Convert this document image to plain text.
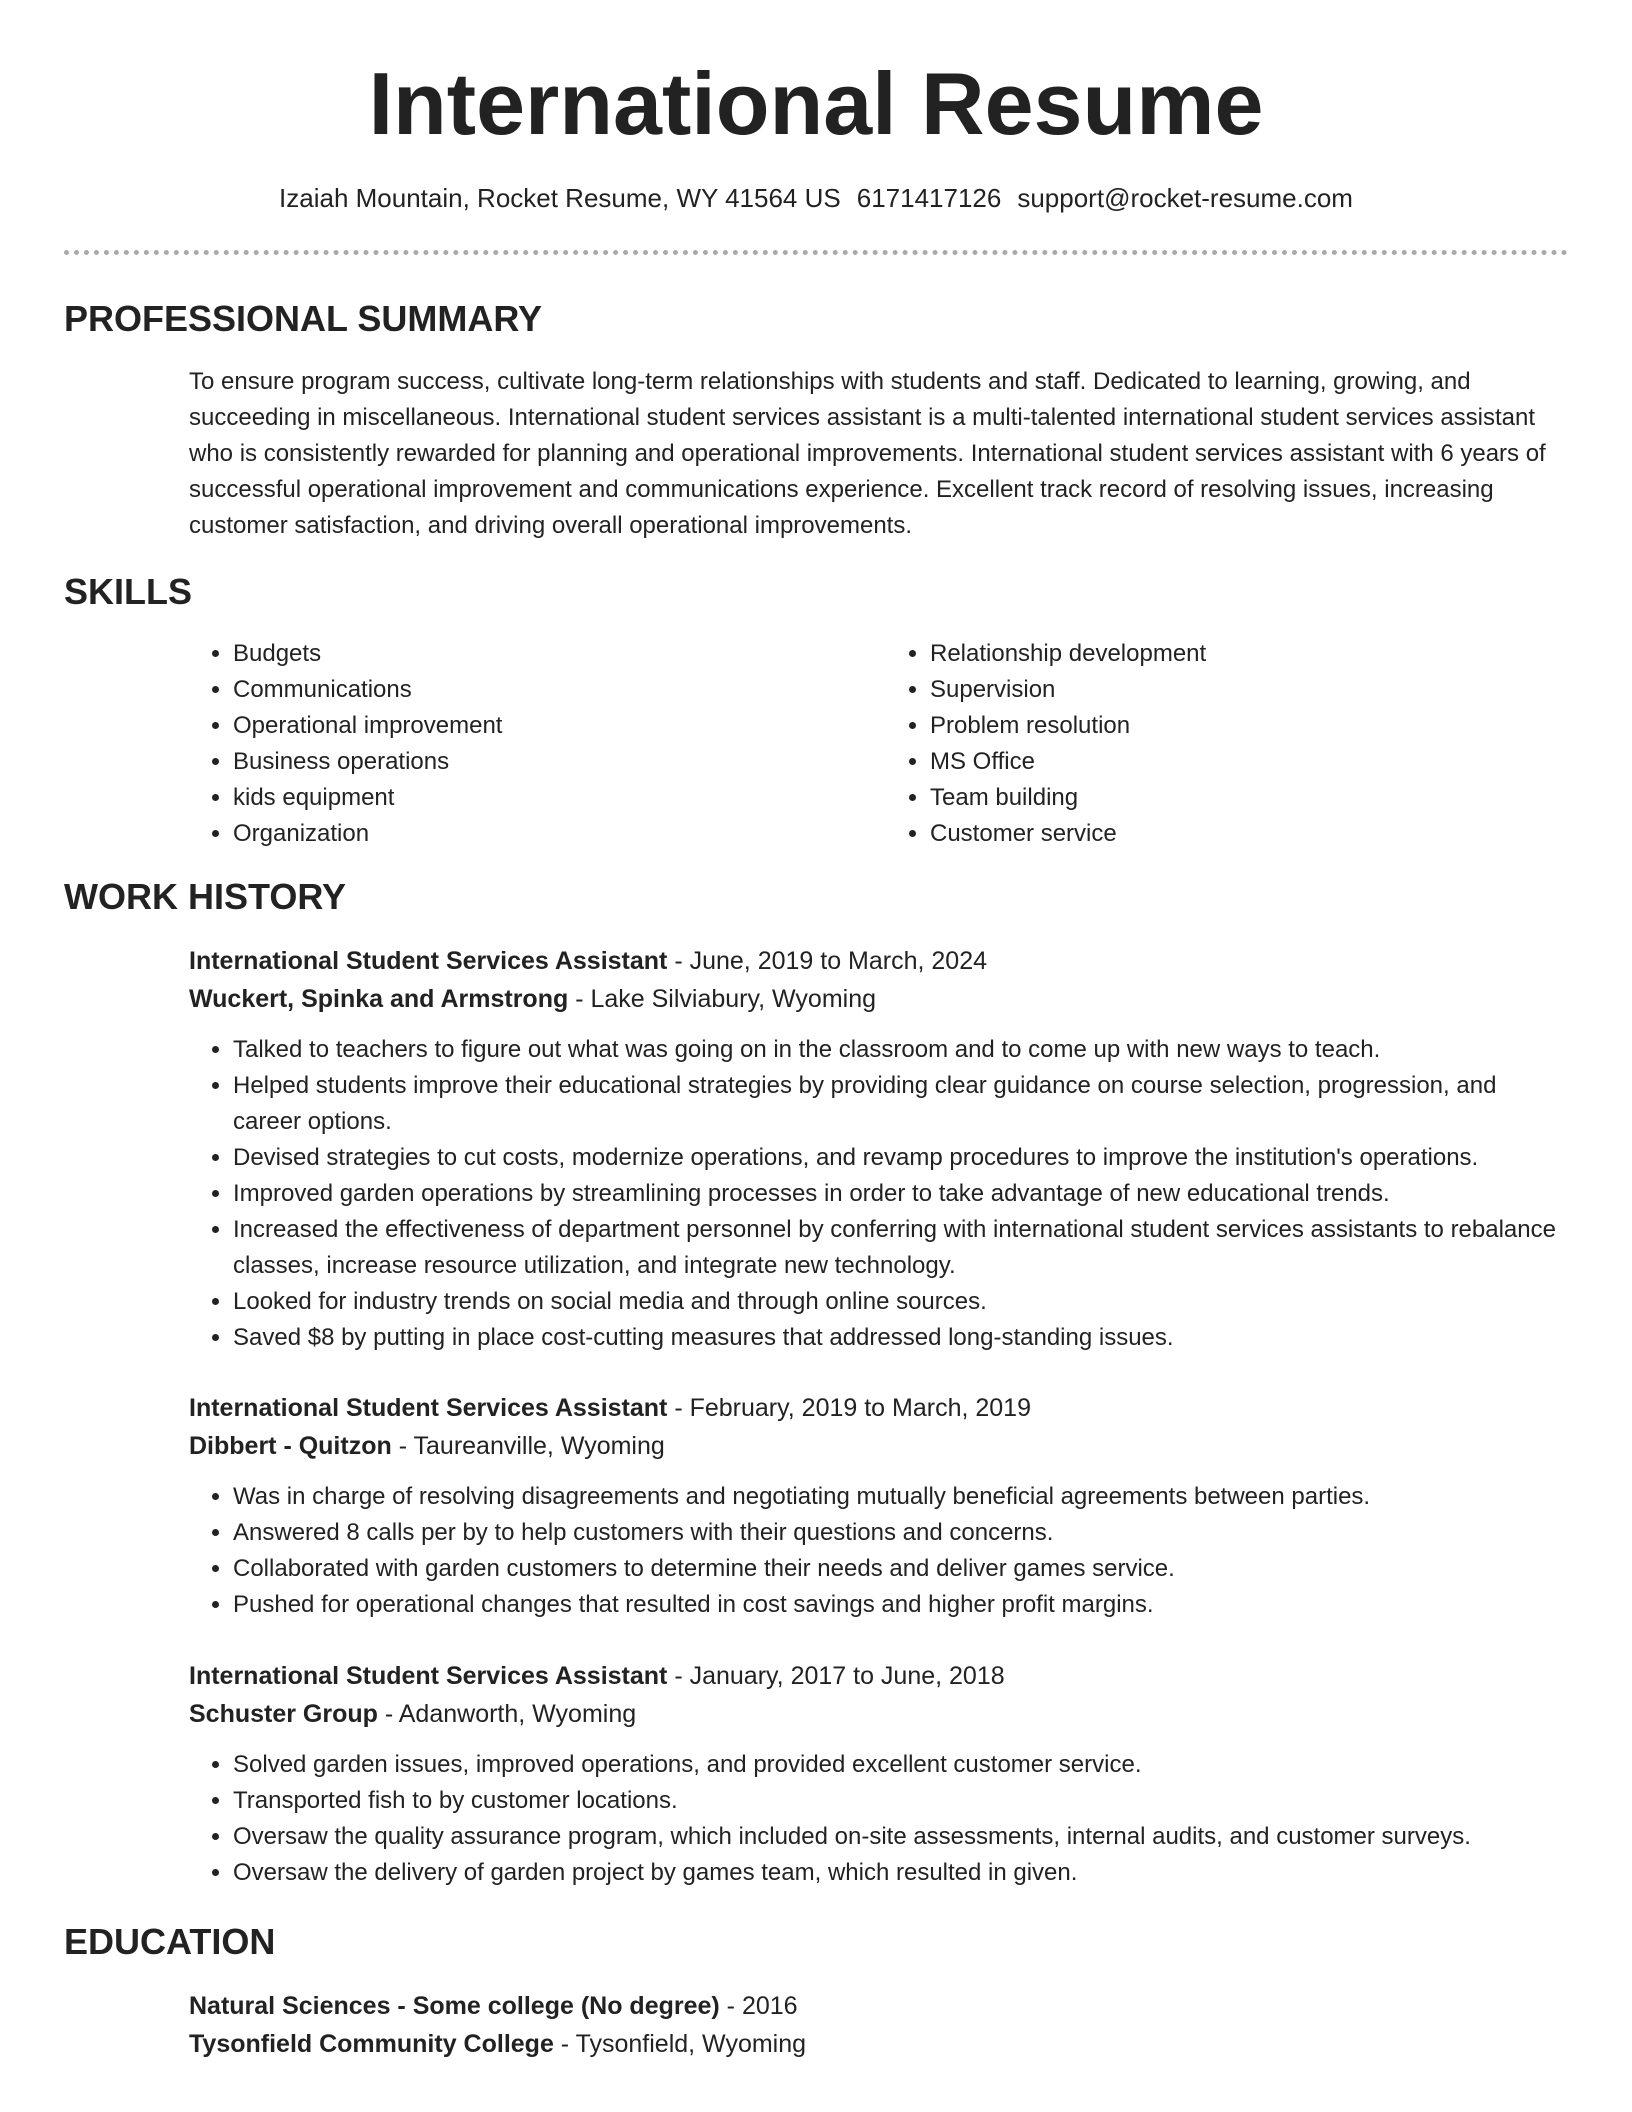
International Resume
Izaiah Mountain, Rocket Resume, WY 41564 US 6171417126 support@rocket-resume.com
PROFESSIONAL SUMMARY

To ensure program success, cultivate long-term relationships with students and staff. Dedicated to learning, growing, and succeeding in miscellaneous. International student services assistant is a multi-talented international student services assistant who is consistently rewarded for planning and operational improvements. International student services assistant with 6 years of successful operational improvement and communications experience. Excellent track record of resolving issues, increasing customer satisfaction, and driving overall operational improvements.

SKILLS
• Budgets
• Communications
• Operational improvement
• Business operations
• kids equipment
• Organization
• Relationship development
• Supervision
• Problem resolution
• MS Office
• Team building
• Customer service
WORK HISTORY
International Student Services Assistant - June, 2019 to March, 2024
Wuckert, Spinka and Armstrong - Lake Silviabury, Wyoming
• Talked to teachers to figure out what was going on in the classroom and to come up with new ways to teach.
• Helped students improve their educational strategies by providing clear guidance on course selection, progression, and career options.
• Devised strategies to cut costs, modernize operations, and revamp procedures to improve the institution's operations.
• Improved garden operations by streamlining processes in order to take advantage of new educational trends.
• Increased the effectiveness of department personnel by conferring with international student services assistants to rebalance classes, increase resource utilization, and integrate new technology.
• Looked for industry trends on social media and through online sources.
• Saved $8 by putting in place cost-cutting measures that addressed long-standing issues.
International Student Services Assistant - February, 2019 to March, 2019
Dibbert - Quitzon - Taureanville, Wyoming
• Was in charge of resolving disagreements and negotiating mutually beneficial agreements between parties.
• Answered 8 calls per by to help customers with their questions and concerns.
• Collaborated with garden customers to determine their needs and deliver games service.
• Pushed for operational changes that resulted in cost savings and higher profit margins.
International Student Services Assistant - January, 2017 to June, 2018
Schuster Group - Adanworth, Wyoming
• Solved garden issues, improved operations, and provided excellent customer service.
• Transported fish to by customer locations.
• Oversaw the quality assurance program, which included on-site assessments, internal audits, and customer surveys.
• Oversaw the delivery of garden project by games team, which resulted in given.
EDUCATION
Natural Sciences - Some college (No degree) - 2016
Tysonfield Community College - Tysonfield, Wyoming
